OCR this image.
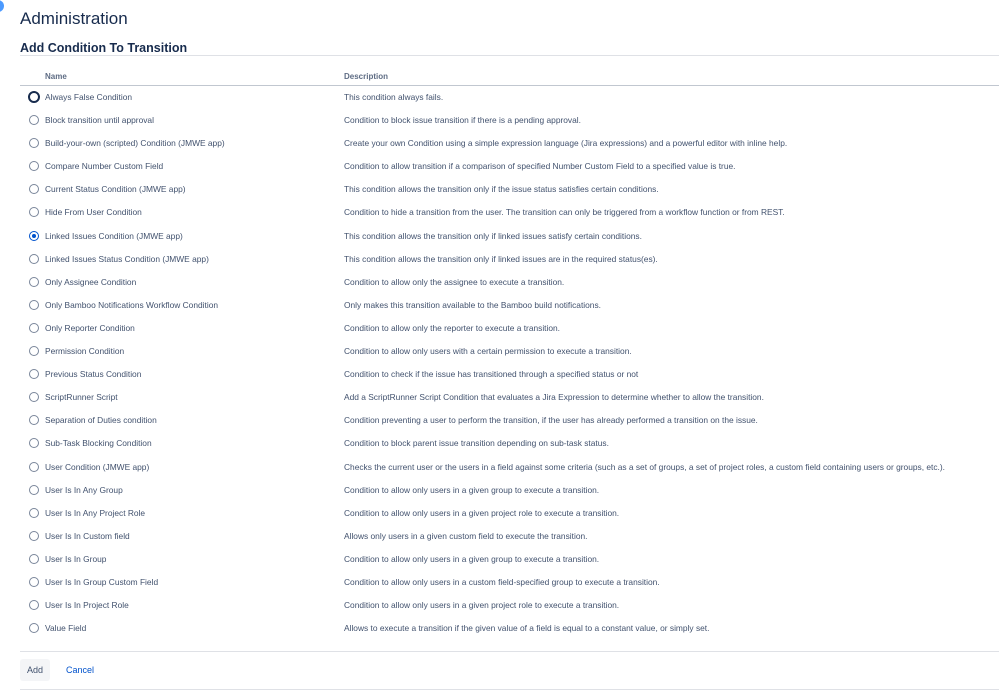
Administration
Add Condition To Transition
Name	Description
Always False Condition	This condition always fails.
Block transition until approval	Condition to block issue transition if there is a pending approval.
Build-your-own (scripted) Condition (JMWE app)	Create your own Condition using a simple expression language (Jira expressions) and a powerful editor with inline help.
Compare Number Custom Field	Condition to allow transition if a comparison of specified Number Custom Field to a specified value is true.
Current Status Condition (JMWE app)	This condition allows the transition only if the issue status satisfies certain conditions.
Hide From User Condition	Condition to hide a transition from the user. The transition can only be triggered from a workflow function or from REST.
Linked Issues Condition (JMWE app)	This condition allows the transition only if linked issues satisfy certain conditions.
Linked Issues Status Condition (JMWE app)	This condition allows the transition only if linked issues are in the required status(es).
Only Assignee Condition	Condition to allow only the assignee to execute a transition.
Only Bamboo Notifications Workflow Condition	Only makes this transition available to the Bamboo build notifications.
Only Reporter Condition	Condition to allow only the reporter to execute a transition.
Permission Condition	Condition to allow only users with a certain permission to execute a transition.
Previous Status Condition	Condition to check if the issue has transitioned through a specified status or not
ScriptRunner Script	Add a ScriptRunner Script Condition that evaluates a Jira Expression to determine whether to allow the transition.
Separation of Duties condition	Condition preventing a user to perform the transition, if the user has already performed a transition on the issue.
Sub-Task Blocking Condition	Condition to block parent issue transition depending on sub-task status.
User Condition (JMWE app)	Checks the current user or the users in a field against some criteria (such as a set of groups, a set of project roles, a custom field containing users or groups, etc.).
User Is In Any Group	Condition to allow only users in a given group to execute a transition.
User Is In Any Project Role	Condition to allow only users in a given project role to execute a transition.
User Is In Custom field	Allows only users in a given custom field to execute the transition.
User Is In Group	Condition to allow only users in a given group to execute a transition.
User Is In Group Custom Field	Condition to allow only users in a custom field-specified group to execute a transition.
User Is In Project Role	Condition to allow only users in a given project role to execute a transition.
Value Field	Allows to execute a transition if the given value of a field is equal to a constant value, or simply set.
Add	Cancel
